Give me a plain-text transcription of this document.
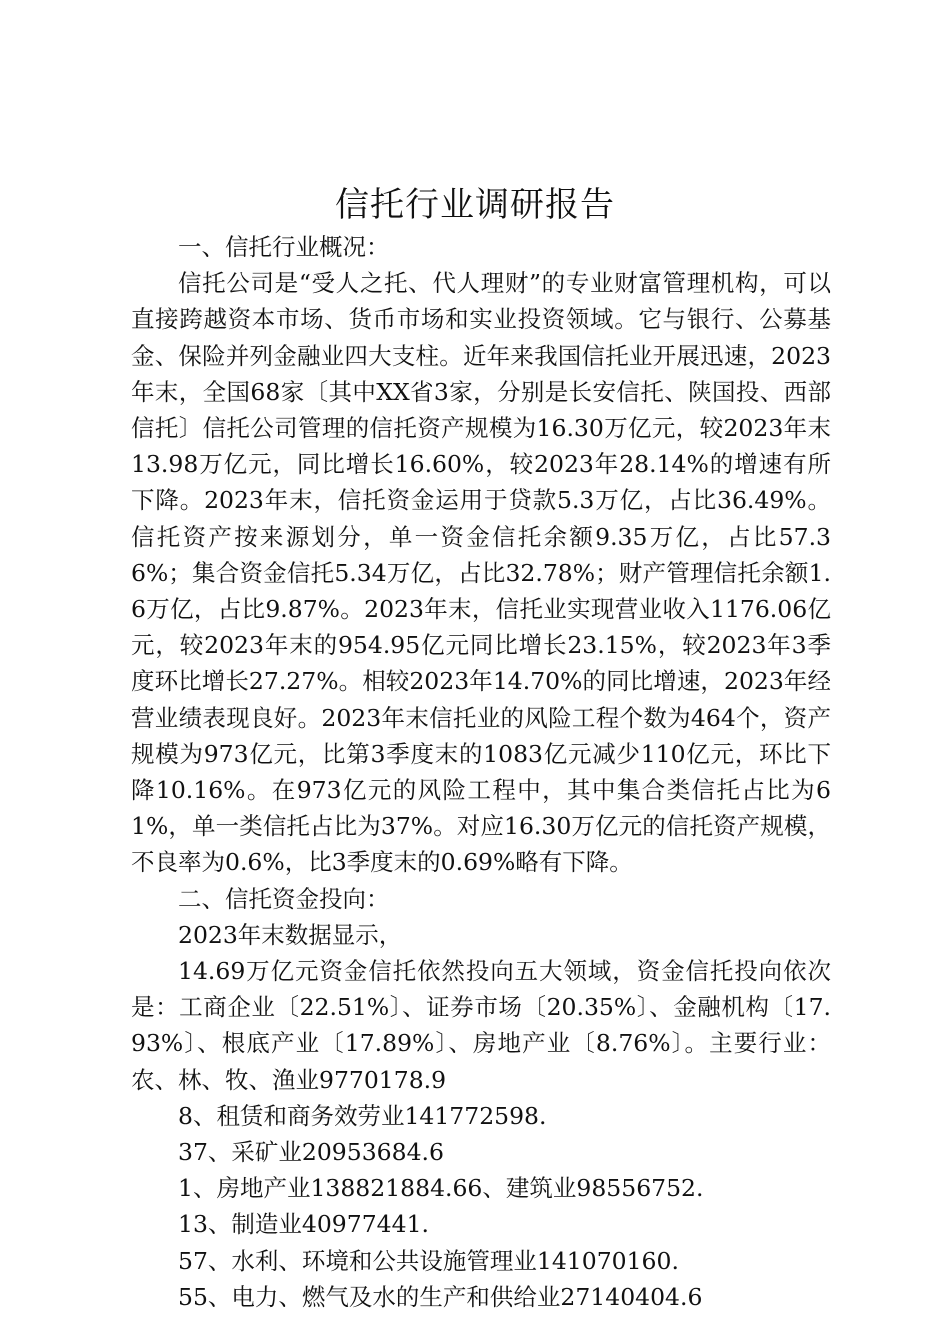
信托行业调研报告

一、信托行业概况：

信托公司是“受人之托、代人理财”的专业财富管理机构，可以直接跨越资本市场、货币市场和实业投资领域。它与银行、公募基金、保险并列金融业四大支柱。近年来我国信托业开展迅速，2023年末，全国68家〔其中XX省3家，分别是长安信托、陕国投、西部信托〕信托公司管理的信托资产规模为16.30万亿元，较2023年末13.98万亿元，同比增长16.60%，较2023年28.14%的增速有所下降。2023年末，信托资金运用于贷款5.3万亿，占比36.49%。信托资产按来源划分，单一资金信托余额9.35万亿，占比57.36%；集合资金信托5.34万亿，占比32.78%；财产管理信托余额1.6万亿，占比9.87%。2023年末，信托业实现营业收入1176.06亿元，较2023年末的954.95亿元同比增长23.15%，较2023年3季度环比增长27.27%。相较2023年14.70%的同比增速，2023年经营业绩表现良好。2023年末信托业的风险工程个数为464个，资产规模为973亿元，比第3季度末的1083亿元减少110亿元，环比下降10.16%。在973亿元的风险工程中，其中集合类信托占比为61%，单一类信托占比为37%。对应16.30万亿元的信托资产规模，不良率为0.6%，比3季度末的0.69%略有下降。

二、信托资金投向：

2023年末数据显示，

14.69万亿元资金信托依然投向五大领域，资金信托投向依次是：工商企业〔22.51%〕、证券市场〔20.35%〕、金融机构〔17.93%〕、根底产业〔17.89%〕、房地产业〔8.76%〕。主要行业：农、林、牧、渔业9770178.9

8、租赁和商务效劳业141772598.

37、采矿业20953684.6

1、房地产业138821884.66、建筑业98556752.

13、制造业40977441.

57、水利、环境和公共设施管理业141070160.

55、电力、燃气及水的生产和供给业27140404.6
